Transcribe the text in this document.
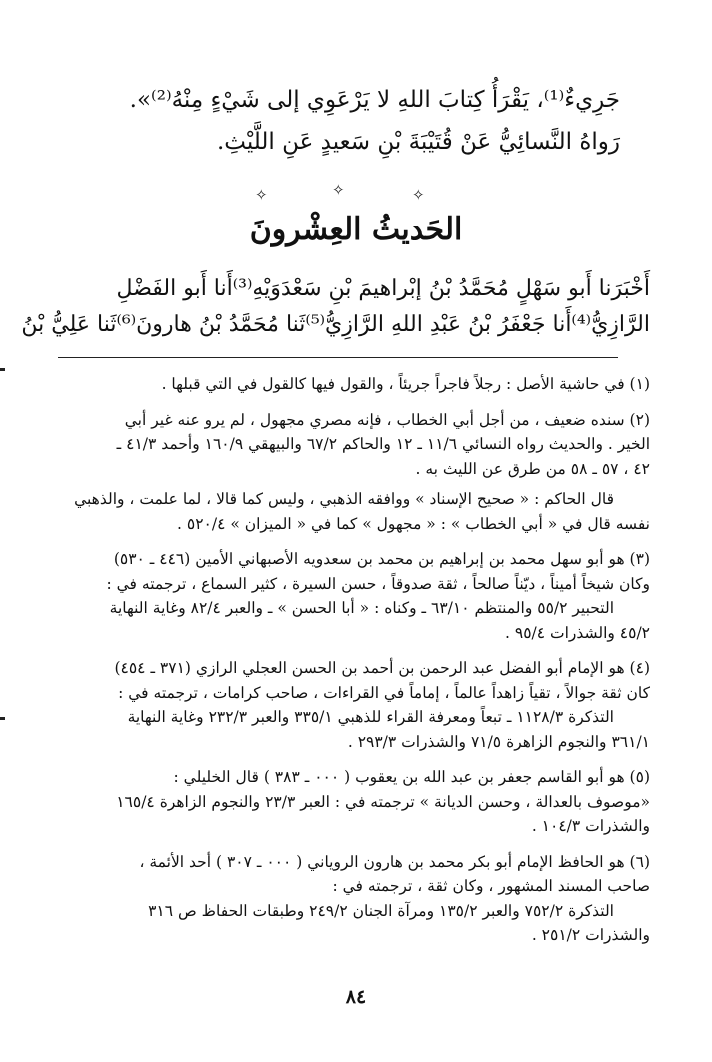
جَرِيءٌ⁽¹⁾، يَقْرَأُ كِتابَ اللهِ لا يَرْعَوِي إلى شَيْءٍ مِنْهُ⁽²⁾».

رَواهُ النَّسائِيُّ عَنْ قُتَيْبَةَ بْنِ سَعيدٍ عَنِ اللَّيْثِ.

✧	✧	✧
الحَديثُ العِشْرونَ

أَخْبَرَنا أَبو سَهْلٍ مُحَمَّدُ بْنُ إبْراهيمَ بْنِ سَعْدَوَيْهِ⁽³⁾أَنا أَبو الفَضْلِ

الرَّازِيُّ⁽⁴⁾أَنا جَعْفَرُ بْنُ عَبْدِ اللهِ الرَّازِيُّ⁽⁵⁾ثَنا مُحَمَّدُ بْنُ هارونَ⁽⁶⁾ثَنا عَلِيُّ بْنُ

(١) في حاشية الأصل : رجلاً فاجراً جريئاً ، والقول فيها كالقول في التي قبلها .

(٢) سنده ضعيف ، من أجل أبي الخطاب ، فإنه مصري مجهول ، لم يرو عنه غير أبي

الخير . والحديث رواه النسائي ١١/٦ ـ ١٢ والحاكم ٦٧/٢ والبيهقي ١٦٠/٩ وأحمد ٤١/٣ ـ

٤٢ ، ٥٧ ـ ٥٨ من طرق عن الليث به .

قال الحاكم : « صحيح الإسناد » ووافقه الذهبي ، وليس كما قالا ، لما علمت ، والذهبي

نفسه قال في « أبي الخطاب » : « مجهول » كما في « الميزان » ٥٢٠/٤ .

(٣) هو أبو سهل محمد بن إبراهيم بن محمد بن سعدويه الأصبهاني الأمين (٤٤٦ ـ ٥٣٠)

وكان شيخاً أميناً ، ديّناً صالحاً ، ثقة صدوقاً ، حسن السيرة ، كثير السماع ، ترجمته في :

التحبير ٥٥/٢ والمنتظم ٦٣/١٠ ـ وكناه : « أبا الحسن » ـ والعبر ٨٢/٤ وغاية النهاية

٤٥/٢ والشذرات ٩٥/٤ .

(٤) هو الإمام أبو الفضل عبد الرحمن بن أحمد بن الحسن العجلي الرازي (٣٧١ ـ ٤٥٤)

كان ثقة جوالاً ، تقياً زاهداً عالماً ، إماماً في القراءات ، صاحب كرامات ، ترجمته في :

التذكرة ١١٢٨/٣ ـ تبعاً ومعرفة القراء للذهبي ٣٣٥/١ والعبر ٢٣٢/٣ وغاية النهاية

٣٦١/١ والنجوم الزاهرة ٧١/٥ والشذرات ٢٩٣/٣ .

(٥) هو أبو القاسم جعفر بن عبد الله بن يعقوب ( ٠٠٠ ـ ٣٨٣ ) قال الخليلي :

«موصوف بالعدالة ، وحسن الديانة » ترجمته في : العبر ٢٣/٣ والنجوم الزاهرة ١٦٥/٤

والشذرات ١٠٤/٣ .

(٦) هو الحافظ الإمام أبو بكر محمد بن هارون الروياني ( ٠٠٠ ـ ٣٠٧ ) أحد الأئمة ،

صاحب المسند المشهور ، وكان ثقة ، ترجمته في :

التذكرة ٧٥٢/٢ والعبر ١٣٥/٢ ومرآة الجنان ٢٤٩/٢ وطبقات الحفاظ ص ٣١٦

والشذرات ٢٥١/٢ .

٨٤
